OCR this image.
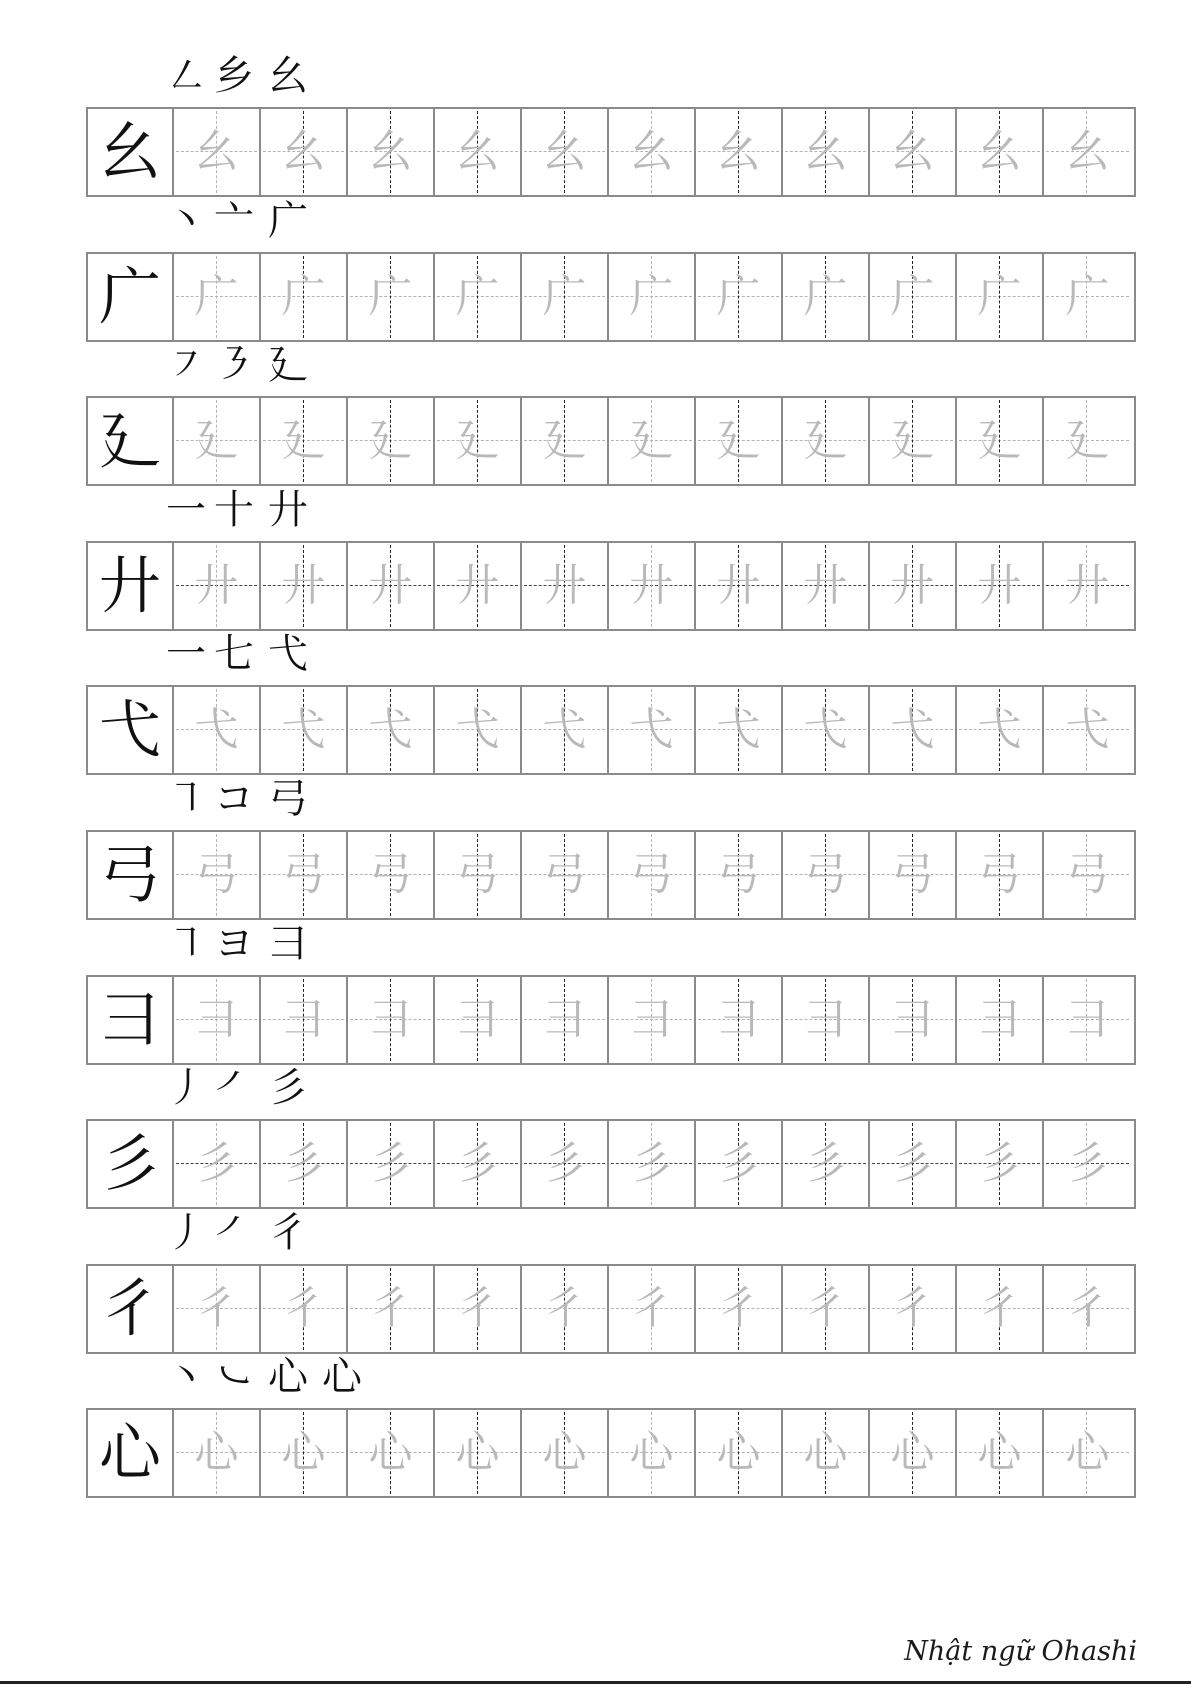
㇜ 乡 幺
幺 幺 幺 幺 幺 幺 幺 幺 幺 幺 幺	幺
丶 亠 广
广 广 广 广 广 广 广 广 广 广 广	广
㇇ ㇋ 廴
廴 廴 廴 廴 廴 廴 廴 廴 廴 廴 廴	廴
一 十 廾
廾 廾 廾 廾 廾 廾 廾 廾 廾 廾 廾	廾
一 七 弋
弋 弋 弋 弋 弋 弋 弋 弋 弋 弋 弋	弋
㇕ コ 弓
弓 弓 弓 弓 弓 弓 弓 弓 弓 弓 弓	弓
㇕ ヨ 彐
彐 彐 彐 彐 彐 彐 彐 彐 彐 彐 彐	彐
丿 ㇒ 彡
彡 彡 彡 彡 彡 彡 彡 彡 彡 彡 彡	彡
丿 ㇒ 彳
彳 彳 彳 彳 彳 彳 彳 彳 彳 彳 彳	彳
丶 ㇃ 心 心
心 心 心 心 心 心 心 心 心 心 心	心
Nhật ngữ Ohashi
